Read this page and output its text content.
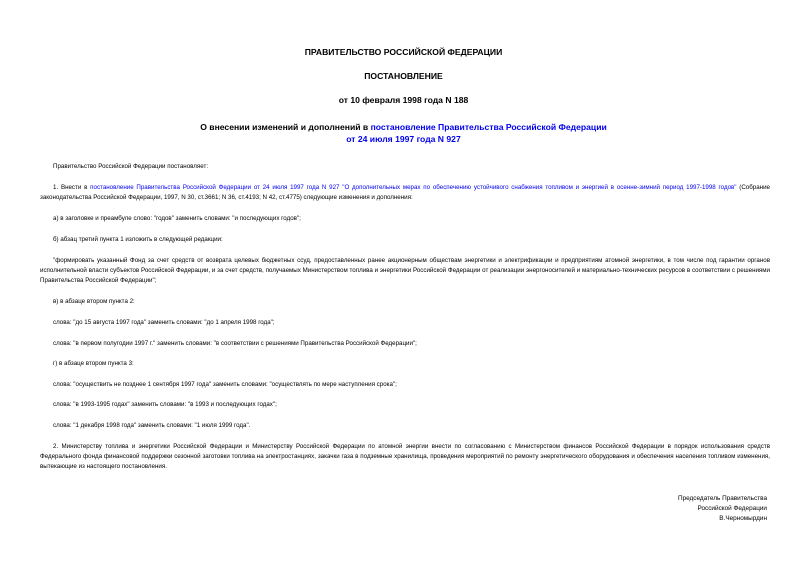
ПРАВИТЕЛЬСТВО РОССИЙСКОЙ ФЕДЕРАЦИИ
ПОСТАНОВЛЕНИЕ
от 10 февраля 1998 года N 188
О внесении изменений и дополнений в постановление Правительства Российской Федерации от 24 июля 1997 года N 927
Правительство Российской Федерации постановляет:
1. Внести в постановление Правительства Российской Федерации от 24 июля 1997 года N 927 "О дополнительных мерах по обеспечению устойчивого снабжения топливом и энергией в осенне-зимний период 1997-1998 годов" (Собрание законодательства Российской Федерации, 1997, N 30, ст.3661; N 36, ст.4193; N 42, ст.4775) следующие изменения и дополнения:
а) в заголовке и преамбуле слово: "годов" заменить словами: "и последующих годов";
б) абзац третий пункта 1 изложить в следующей редакции:
"формировать указанный Фонд за счет средств от возврата целевых бюджетных ссуд, предоставленных ранее акционерным обществам энергетики и электрификации и предприятиям атомной энергетики, в том числе под гарантии органов исполнительной власти субъектов Российской Федерации, и за счет средств, получаемых Министерством топлива и энергетики Российской Федерации от реализации энергоносителей и материально-технических ресурсов в соответствии с решениями Правительства Российской Федерации";
в) в абзаце втором пункта 2:
слова: "до 15 августа 1997 года" заменить словами: "до 1 апреля 1998 года";
слова: "в первом полугодии 1997 г." заменить словами: "в соответствии с решениями Правительства Российской Федерации";
г) в абзаце втором пункта 3:
слова: "осуществить не позднее 1 сентября 1997 года" заменить словами: "осуществлять по мере наступления срока";
слова: "в 1993-1995 годах" заменить словами: "в 1993 и последующих годах";
слова: "1 декабря 1998 года" заменить словами: "1 июля 1999 года".
2. Министерству топлива и энергетики Российской Федерации и Министерству Российской Федерации по атомной энергии внести по согласованию с Министерством финансов Российской Федерации в порядок использования средств Федерального фонда финансовой поддержки сезонной заготовки топлива на электростанциях, закачки газа в подземные хранилища, проведения мероприятий по ремонту энергетического оборудования и обеспечения населения топливом изменения, вытекающие из настоящего постановления.
Председатель Правительства
Российской Федерации
В.Черномырдин
